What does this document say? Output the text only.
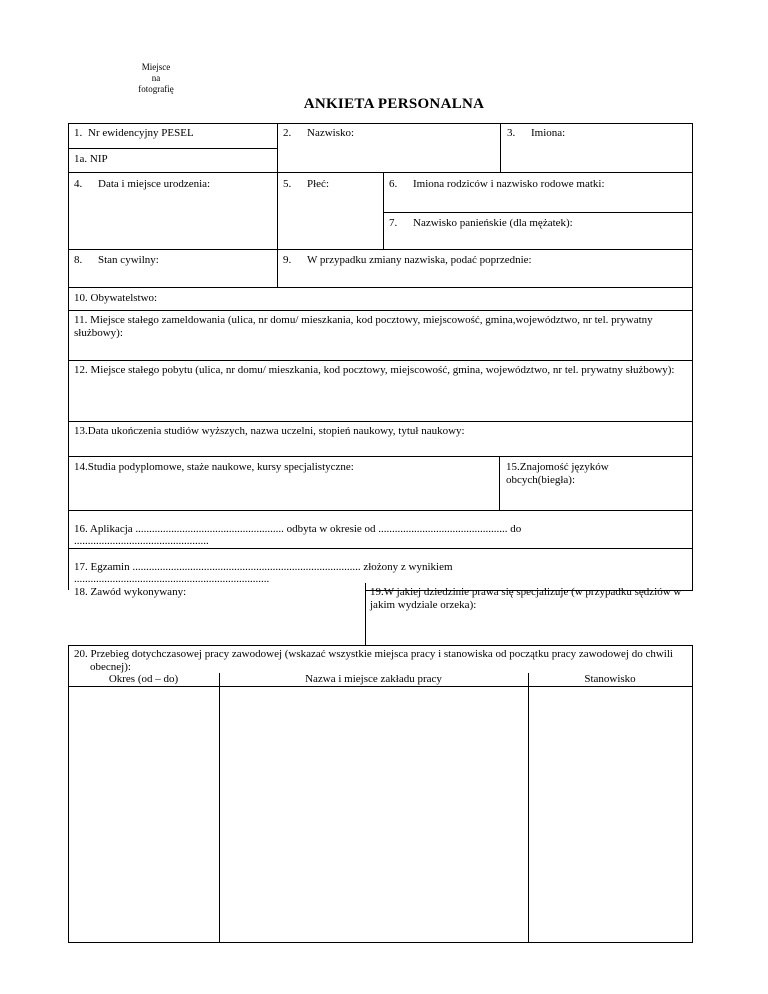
Miejsce
na
fotografię
ANKIETA PERSONALNA
1. Nr ewidencyjny PESEL
1a. NIP
2. Nazwisko:	3. Imiona:
4. Data i miejsce urodzenia:	5. Płeć:	6. Imiona rodziców i nazwisko rodowe matki:
7. Nazwisko panieńskie (dla mężatek):
8. Stan cywilny:	9. W przypadku zmiany nazwiska, podać poprzednie:
10. Obywatelstwo:
11. Miejsce stałego zameldowania (ulica, nr domu/ mieszkania, kod pocztowy, miejscowość, gmina,województwo, nr tel. prywatny służbowy):
12. Miejsce stałego pobytu (ulica, nr domu/ mieszkania, kod pocztowy, miejscowość, gmina, województwo, nr tel. prywatny służbowy):
13.Data ukończenia studiów wyższych, nazwa uczelni, stopień naukowy, tytuł naukowy:
14.Studia podyplomowe, staże naukowe, kursy specjalistyczne:	15.Znajomość języków obcych(biegła):
16. Aplikacja ...................................................... odbyta w okresie od ............................................... do
.................................................
17. Egzamin ................................................................................... złożony z wynikiem
.......................................................................
18. Zawód wykonywany:	19.W jakiej dziedzinie prawa się specjalizuje (w przypadku sędziów w jakim wydziale orzeka):
20. Przebieg dotychczasowej pracy zawodowej (wskazać wszystkie miejsca pracy i stanowiska od początku pracy zawodowej do chwili obecnej):
Okres (od – do)	Nazwa i miejsce zakładu pracy	Stanowisko
